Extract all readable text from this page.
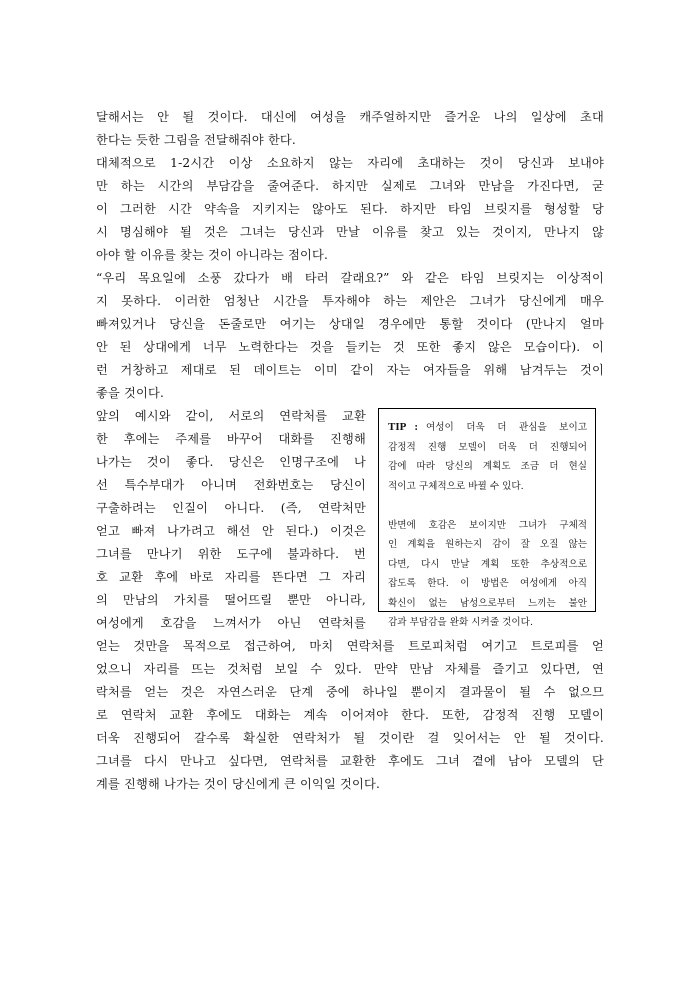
달해서는 안 될 것이다. 대신에 여성을 캐주얼하지만 즐거운 나의 일상에 초대
한다는 듯한 그림을 전달해줘야 한다.
대체적으로 1-2시간 이상 소요하지 않는 자리에 초대하는 것이 당신과 보내야
만 하는 시간의 부담감을 줄여준다. 하지만 실제로 그녀와 만남을 가진다면, 굳
이 그러한 시간 약속을 지키지는 않아도 된다. 하지만 타임 브릿지를 형성할 당
시 명심해야 될 것은 그녀는 당신과 만날 이유를 찾고 있는 것이지, 만나지 않
아야 할 이유를 찾는 것이 아니라는 점이다.
“우리 목요일에 소풍 갔다가 배 타러 갈래요?” 와 같은 타임 브릿지는 이상적이
지 못하다. 이러한 엄청난 시간을 투자해야 하는 제안은 그녀가 당신에게 매우
빠져있거나 당신을 돈줄로만 여기는 상대일 경우에만 통할 것이다 (만나지 얼마
안 된 상대에게 너무 노력한다는 것을 들키는 것 또한 좋지 않은 모습이다). 이
런 거창하고 제대로 된 데이트는 이미 같이 자는 여자들을 위해 남겨두는 것이
좋을 것이다.
앞의 예시와 같이, 서로의 연락처를 교환
한 후에는 주제를 바꾸어 대화를 진행해
나가는 것이 좋다. 당신은 인명구조에 나
선 특수부대가 아니며 전화번호는 당신이
구출하려는 인질이 아니다. (즉, 연락처만
얻고 빠져 나가려고 해선 안 된다.) 이것은
그녀를 만나기 위한 도구에 불과하다. 번
호 교환 후에 바로 자리를 뜬다면 그 자리
의 만남의 가치를 떨어뜨릴 뿐만 아니라,
여성에게 호감을 느껴서가 아닌 연락처를
TIP : 여성이 더욱 더 관심을 보이고
감정적 진행 모델이 더욱 더 진행되어
감에 따라 당신의 계획도 조금 더 현실
적이고 구체적으로 바뀔 수 있다.
반면에 호감은 보이지만 그녀가 구체적
인 계획을 원하는지 감이 잘 오질 않는
다면, 다시 만날 계획 또한 추상적으로
잡도록 한다. 이 방법은 여성에게 아직
확신이 없는 남성으로부터 느끼는 불안
감과 부담감을 완화 시켜줄 것이다.
얻는 것만을 목적으로 접근하여, 마치 연락처를 트로피처럼 여기고 트로피를 얻
었으니 자리를 뜨는 것처럼 보일 수 있다. 만약 만남 자체를 즐기고 있다면, 연
락처를 얻는 것은 자연스러운 단계 중에 하나일 뿐이지 결과물이 될 수 없으므
로 연락처 교환 후에도 대화는 계속 이어져야 한다. 또한, 감정적 진행 모델이
더욱 진행되어 갈수록 확실한 연락처가 될 것이란 걸 잊어서는 안 될 것이다.
그녀를 다시 만나고 싶다면, 연락처를 교환한 후에도 그녀 곁에 남아 모델의 단
계를 진행해 나가는 것이 당신에게 큰 이익일 것이다.
